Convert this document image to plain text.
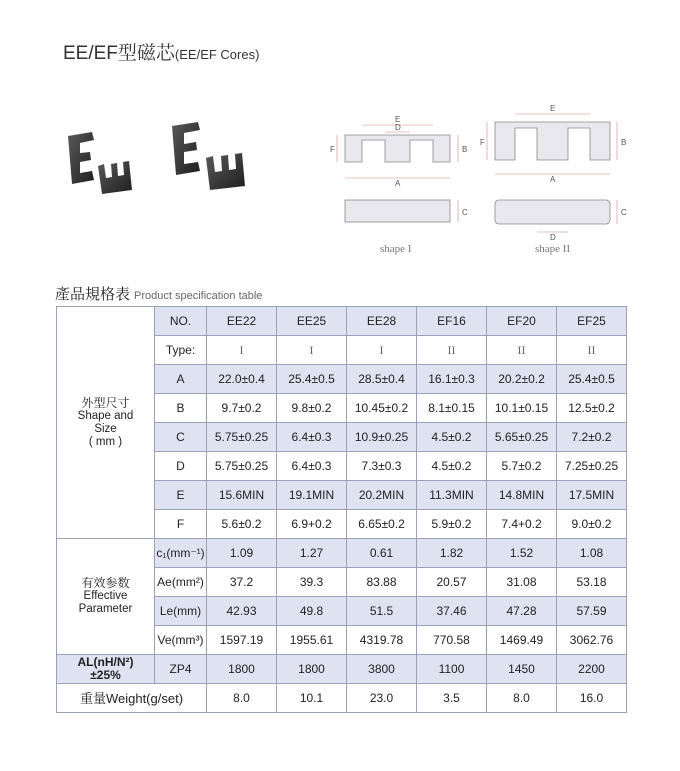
EE/EF型磁芯(EE/EF Cores)
E
D
F	B
A
C
E
F	B
A
D
C
shape I	shape II
產品規格表 Product specification table
外型尺寸
Shape and
Size
( mm )	NO.	EE22	EE25	EE28	EF16	EF20	EF25
	Type:	I	I	I	II	II	II
	A	22.0±0.4	25.4±0.5	28.5±0.4	16.1±0.3	20.2±0.2	25.4±0.5
	B	9.7±0.2	9.8±0.2	10.45±0.2	8.1±0.15	10.1±0.15	12.5±0.2
	C	5.75±0.25	6.4±0.3	10.9±0.25	4.5±0.2	5.65±0.25	7.2±0.2
	D	5.75±0.25	6.4±0.3	7.3±0.3	4.5±0.2	5.7±0.2	7.25±0.25
	E	15.6MIN	19.1MIN	20.2MIN	11.3MIN	14.8MIN	17.5MIN
	F	5.6±0.2	6.9+0.2	6.65±0.2	5.9±0.2	7.4+0.2	9.0±0.2

有效参数
Effective
Parameter	c₁(mm⁻¹)	1.09	1.27	0.61	1.82	1.52	1.08
	Ae(mm²)	37.2	39.3	83.88	20.57	31.08	53.18
	Le(mm)	42.93	49.8	51.5	37.46	47.28	57.59
	Ve(mm³)	1597.19	1955.61	4319.78	770.58	1469.49	3062.76

AL(nH/N²)
±25%	ZP4	1800	1800	3800	1100	1450	2200
重量Weight(g/set)		8.0	10.1	23.0	3.5	8.0	16.0
